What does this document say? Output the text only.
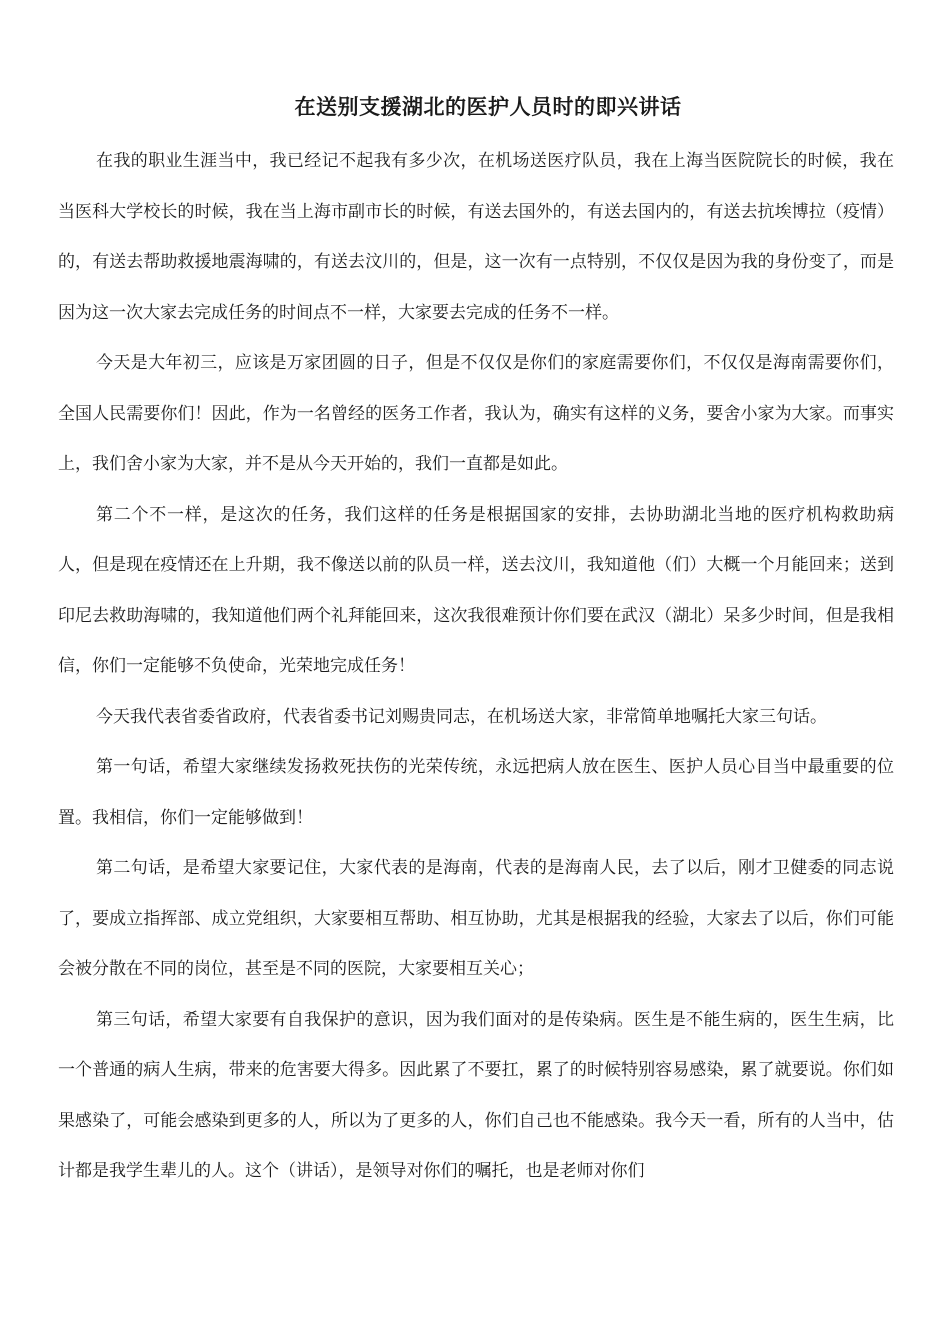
在送别支援湖北的医护人员时的即兴讲话

在我的职业生涯当中，我已经记不起我有多少次，在机场送医疗队员，我在上海当医院院长的时候，我在当医科大学校长的时候，我在当上海市副市长的时候，有送去国外的，有送去国内的，有送去抗埃博拉（疫情）的，有送去帮助救援地震海啸的，有送去汶川的，但是，这一次有一点特别，不仅仅是因为我的身份变了，而是因为这一次大家去完成任务的时间点不一样，大家要去完成的任务不一样。

今天是大年初三，应该是万家团圆的日子，但是不仅仅是你们的家庭需要你们，不仅仅是海南需要你们，全国人民需要你们！因此，作为一名曾经的医务工作者，我认为，确实有这样的义务，要舍小家为大家。而事实上，我们舍小家为大家，并不是从今天开始的，我们一直都是如此。

第二个不一样，是这次的任务，我们这样的任务是根据国家的安排，去协助湖北当地的医疗机构救助病人，但是现在疫情还在上升期，我不像送以前的队员一样，送去汶川，我知道他（们）大概一个月能回来；送到印尼去救助海啸的，我知道他们两个礼拜能回来，这次我很难预计你们要在武汉（湖北）呆多少时间，但是我相信，你们一定能够不负使命，光荣地完成任务！

今天我代表省委省政府，代表省委书记刘赐贵同志，在机场送大家，非常简单地嘱托大家三句话。

第一句话，希望大家继续发扬救死扶伤的光荣传统，永远把病人放在医生、医护人员心目当中最重要的位置。我相信，你们一定能够做到！

第二句话，是希望大家要记住，大家代表的是海南，代表的是海南人民，去了以后，刚才卫健委的同志说了，要成立指挥部、成立党组织，大家要相互帮助、相互协助，尤其是根据我的经验，大家去了以后，你们可能会被分散在不同的岗位，甚至是不同的医院，大家要相互关心；

第三句话，希望大家要有自我保护的意识，因为我们面对的是传染病。医生是不能生病的，医生生病，比一个普通的病人生病，带来的危害要大得多。因此累了不要扛，累了的时候特别容易感染，累了就要说。你们如果感染了，可能会感染到更多的人，所以为了更多的人，你们自己也不能感染。我今天一看，所有的人当中，估计都是我学生辈儿的人。这个（讲话），是领导对你们的嘱托，也是老师对你们
